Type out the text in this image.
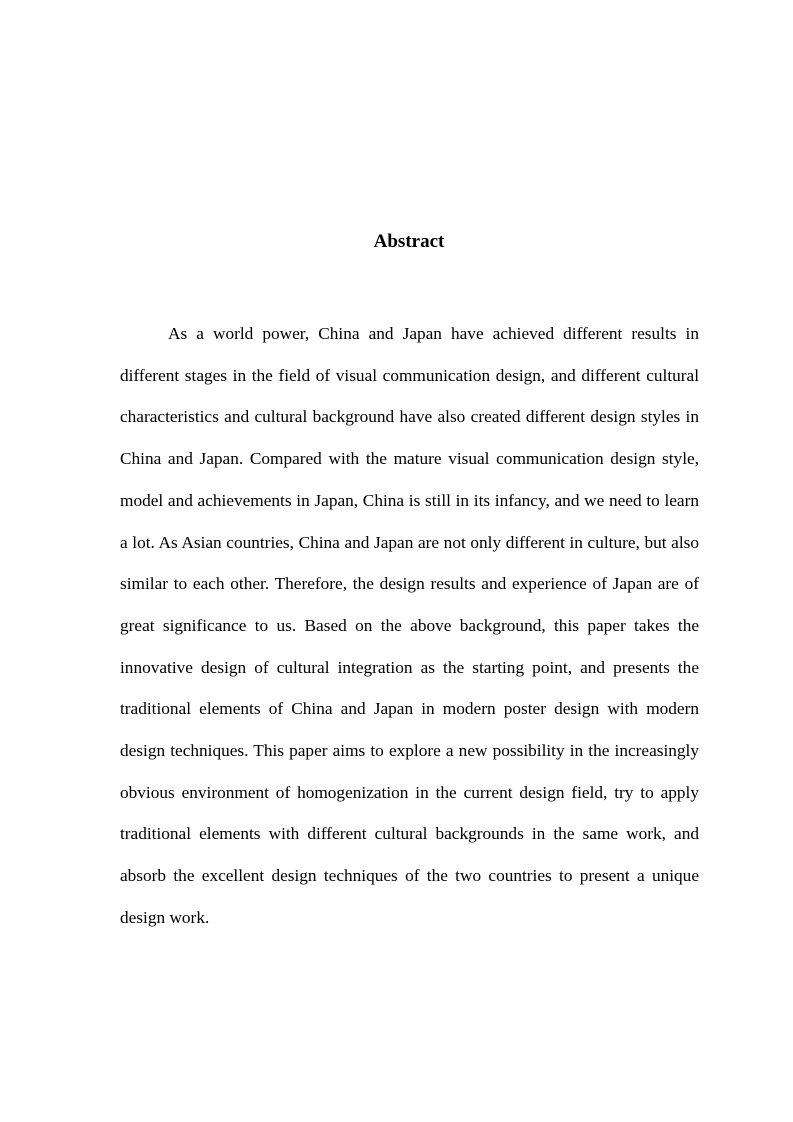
Abstract

As a world power, China and Japan have achieved different results in different stages in the field of visual communication design, and different cultural characteristics and cultural background have also created different design styles in China and Japan. Compared with the mature visual communication design style, model and achievements in Japan, China is still in its infancy, and we need to learn a lot. As Asian countries, China and Japan are not only different in culture, but also similar to each other. Therefore, the design results and experience of Japan are of great significance to us. Based on the above background, this paper takes the innovative design of cultural integration as the starting point, and presents the traditional elements of China and Japan in modern poster design with modern design techniques. This paper aims to explore a new possibility in the increasingly obvious environment of homogenization in the current design field, try to apply traditional elements with different cultural backgrounds in the same work, and absorb the excellent design techniques of the two countries to present a unique design work.
